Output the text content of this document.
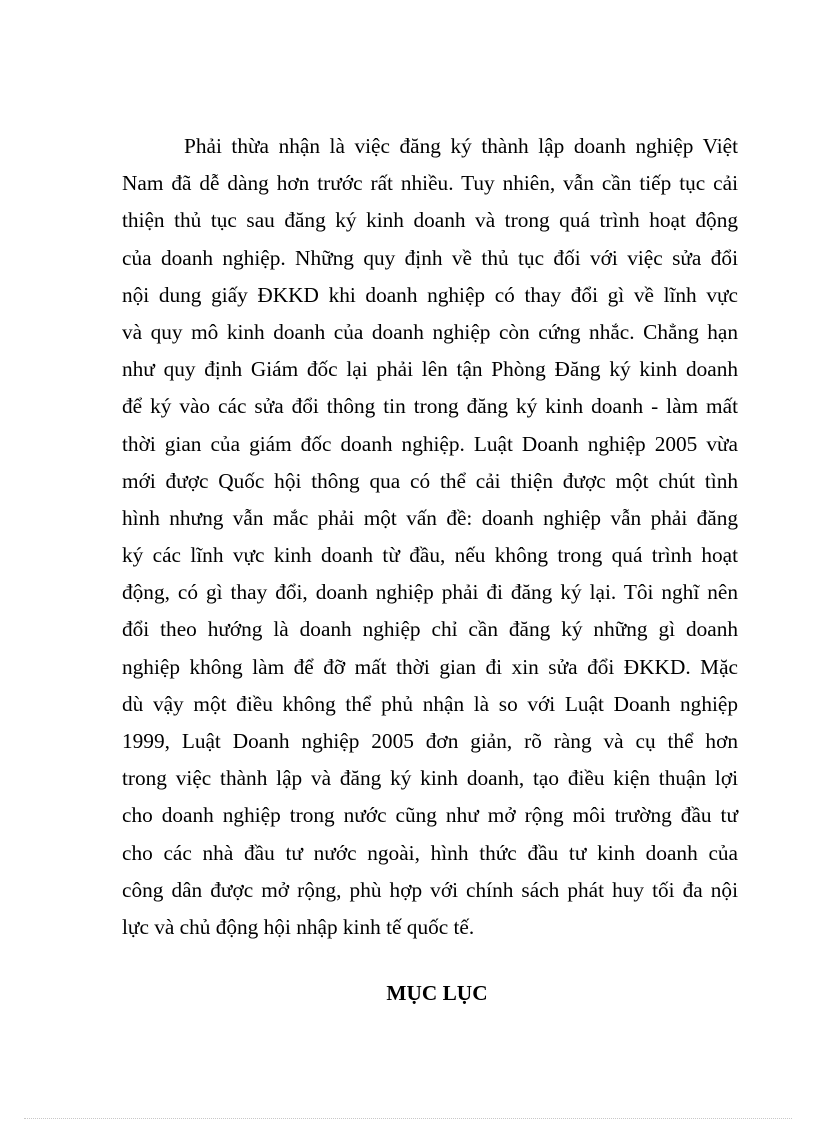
Phải thừa nhận là việc đăng ký thành lập doanh nghiệp Việt
Nam đã dễ dàng hơn trước rất nhiều. Tuy nhiên, vẫn cần tiếp tục cải
thiện thủ tục sau đăng ký kinh doanh và trong quá trình hoạt động
của doanh nghiệp. Những quy định về thủ tục đối với việc sửa đổi
nội dung giấy ĐKKD khi doanh nghiệp có thay đổi gì về lĩnh vực
và quy mô kinh doanh của doanh nghiệp còn cứng nhắc. Chẳng hạn
như quy định Giám đốc lại phải lên tận Phòng Đăng ký kinh doanh
để ký vào các sửa đổi thông tin trong đăng ký kinh doanh - làm mất
thời gian của giám đốc doanh nghiệp. Luật Doanh nghiệp 2005 vừa
mới được Quốc hội thông qua có thể cải thiện được một chút tình
hình nhưng vẫn mắc phải một vấn đề: doanh nghiệp vẫn phải đăng
ký các lĩnh vực kinh doanh từ đầu, nếu không trong quá trình hoạt
động, có gì thay đổi, doanh nghiệp phải đi đăng ký lại. Tôi nghĩ nên
đổi theo hướng là doanh nghiệp chỉ cần đăng ký những gì doanh
nghiệp không làm để đỡ mất thời gian đi xin sửa đổi ĐKKD. Mặc
dù vậy một điều không thể phủ nhận là so với Luật Doanh nghiệp
1999, Luật Doanh nghiệp 2005 đơn giản, rõ ràng và cụ thể hơn
trong việc thành lập và đăng ký kinh doanh, tạo điều kiện thuận lợi
cho doanh nghiệp trong nước cũng như mở rộng môi trường đầu tư
cho các nhà đầu tư nước ngoài, hình thức đầu tư kinh doanh của
công dân được mở rộng, phù hợp với chính sách phát huy tối đa nội
lực và chủ động hội nhập kinh tế quốc tế.

MỤC LỤC
